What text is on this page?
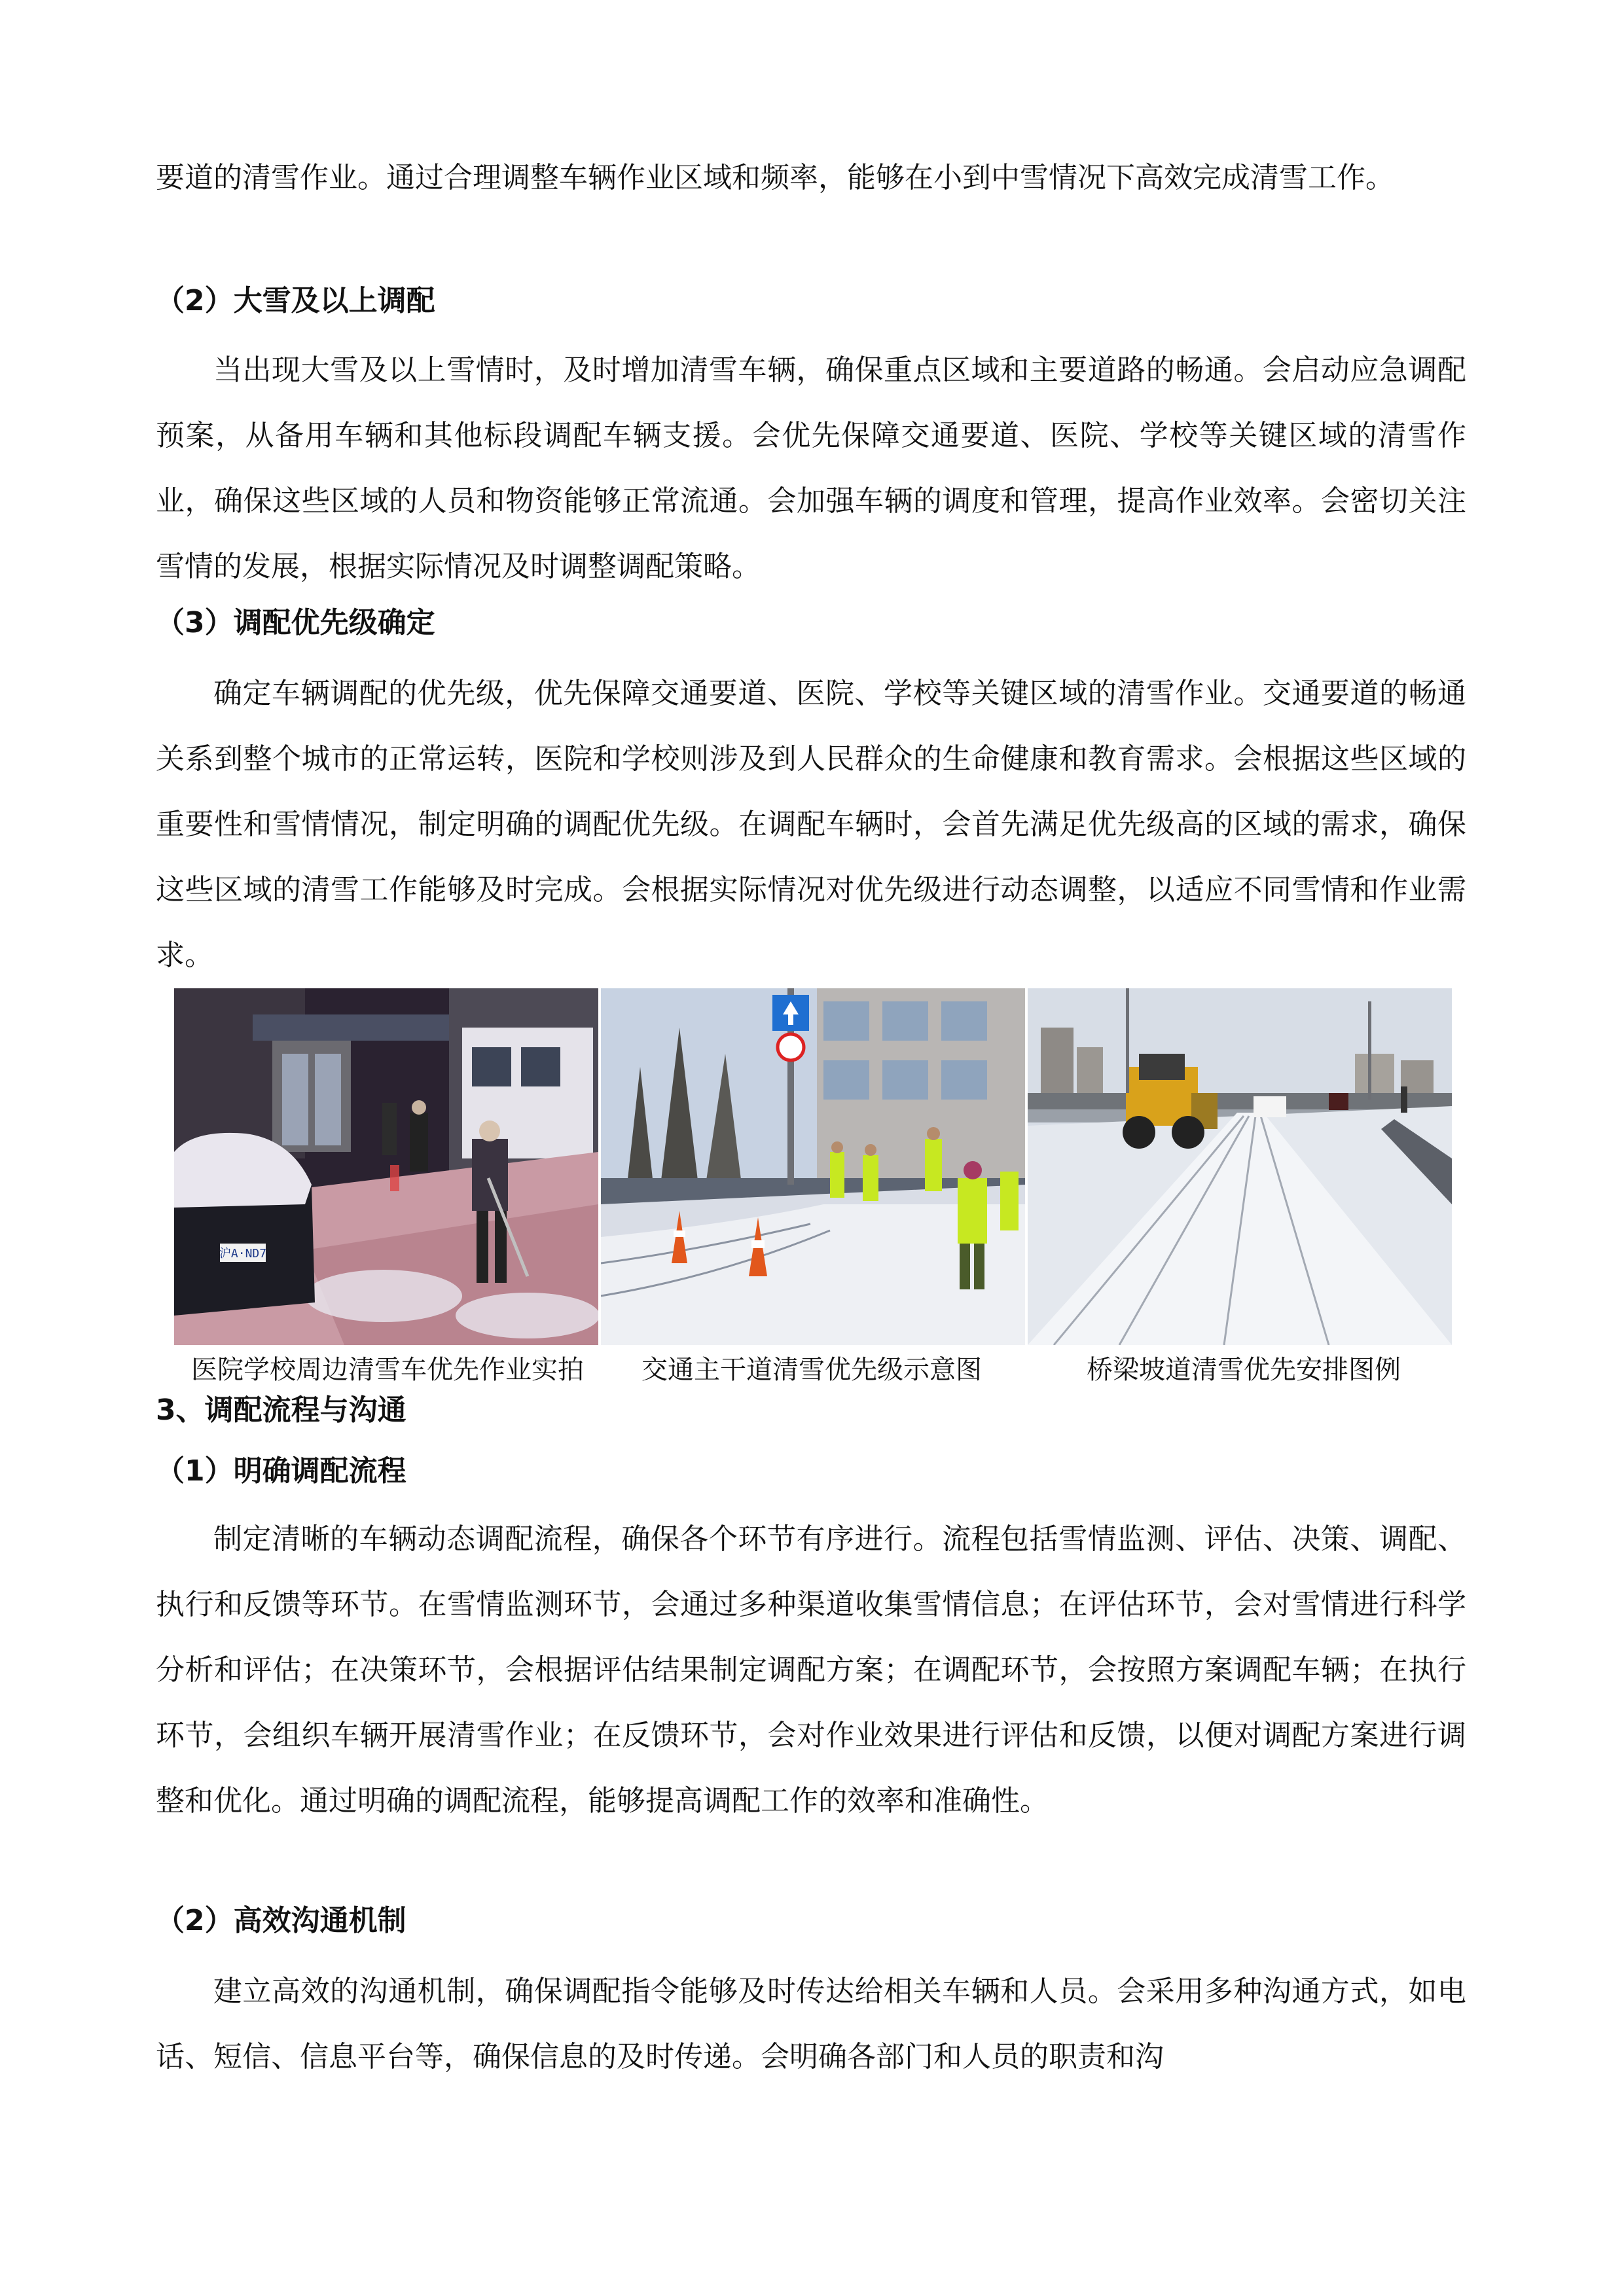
要道的清雪作业。通过合理调整车辆作业区域和频率，能够在小到中雪情况下高效完成清雪工作。

（2）大雪及以上调配

当出现大雪及以上雪情时，及时增加清雪车辆，确保重点区域和主要道路的畅通。会启动应急调配预案，从备用车辆和其他标段调配车辆支援。会优先保障交通要道、医院、学校等关键区域的清雪作业，确保这些区域的人员和物资能够正常流通。会加强车辆的调度和管理，提高作业效率。会密切关注雪情的发展，根据实际情况及时调整调配策略。

（3）调配优先级确定

确定车辆调配的优先级，优先保障交通要道、医院、学校等关键区域的清雪作业。交通要道的畅通关系到整个城市的正常运转，医院和学校则涉及到人民群众的生命健康和教育需求。会根据这些区域的重要性和雪情情况，制定明确的调配优先级。在调配车辆时，会首先满足优先级高的区域的需求，确保这些区域的清雪工作能够及时完成。会根据实际情况对优先级进行动态调整，以适应不同雪情和作业需求。

沪A·ND7
医院学校周边清雪车优先作业实拍	交通主干道清雪优先级示意图	桥梁坡道清雪优先安排图例
3、调配流程与沟通
（1）明确调配流程

制定清晰的车辆动态调配流程，确保各个环节有序进行。流程包括雪情监测、评估、决策、调配、执行和反馈等环节。在雪情监测环节，会通过多种渠道收集雪情信息；在评估环节，会对雪情进行科学分析和评估；在决策环节，会根据评估结果制定调配方案；在调配环节，会按照方案调配车辆；在执行环节，会组织车辆开展清雪作业；在反馈环节，会对作业效果进行评估和反馈，以便对调配方案进行调整和优化。通过明确的调配流程，能够提高调配工作的效率和准确性。

（2）高效沟通机制

建立高效的沟通机制，确保调配指令能够及时传达给相关车辆和人员。会采用多种沟通方式，如电话、短信、信息平台等，确保信息的及时传递。会明确各部门和人员的职责和沟
